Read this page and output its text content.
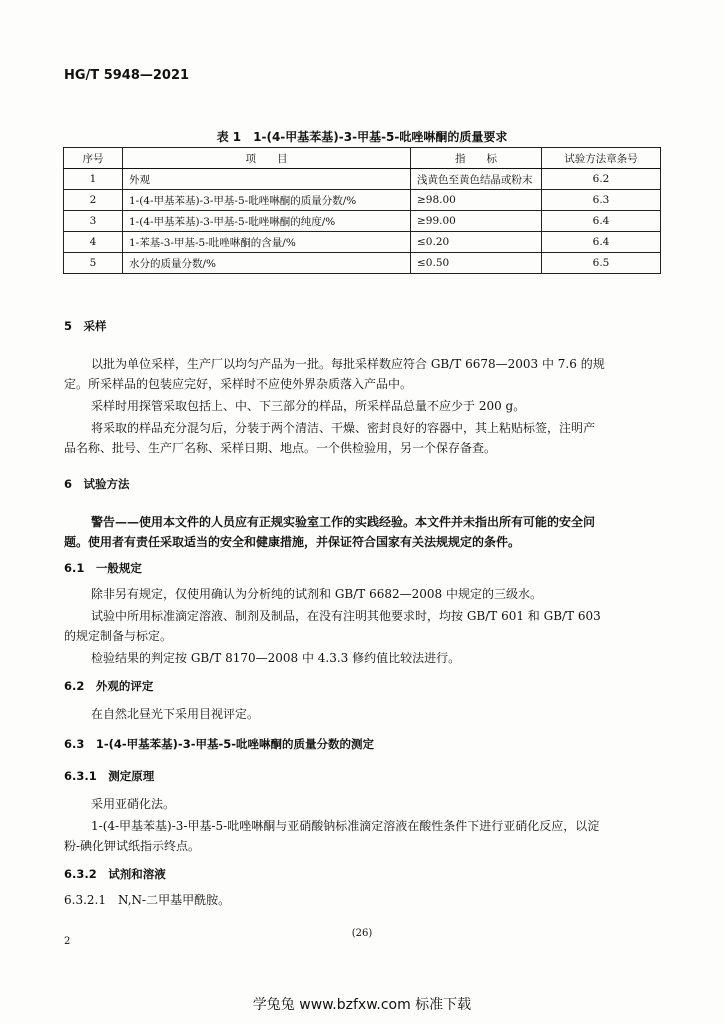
HG/T 5948—2021
表 1　1-(4-甲基苯基)-3-甲基-5-吡唑啉酮的质量要求
序号	项　　目	指　　标	试验方法章条号
1	外观	浅黄色至黄色结晶或粉末	6.2
2	1-(4-甲基苯基)-3-甲基-5-吡唑啉酮的质量分数/%	≥98.00	6.3
3	1-(4-甲基苯基)-3-甲基-5-吡唑啉酮的纯度/%	≥99.00	6.4
4	1-苯基-3-甲基-5-吡唑啉酮的含量/%	≤0.20	6.4
5	水分的质量分数/%	≤0.50	6.5
5　采样
以批为单位采样，生产厂以均匀产品为一批。每批采样数应符合 GB/T 6678—2003 中 7.6 的规
定。所采样品的包装应完好，采样时不应使外界杂质落入产品中。
采样时用探管采取包括上、中、下三部分的样品，所采样品总量不应少于 200 g。
将采取的样品充分混匀后，分装于两个清洁、干燥、密封良好的容器中，其上粘贴标签，注明产
品名称、批号、生产厂名称、采样日期、地点。一个供检验用，另一个保存备查。
6　试验方法
警告——使用本文件的人员应有正规实验室工作的实践经验。本文件并未指出所有可能的安全问
题。使用者有责任采取适当的安全和健康措施，并保证符合国家有关法规规定的条件。
6.1　一般规定
除非另有规定，仅使用确认为分析纯的试剂和 GB/T 6682—2008 中规定的三级水。
试验中所用标准滴定溶液、制剂及制品，在没有注明其他要求时，均按 GB/T 601 和 GB/T 603
的规定制备与标定。
检验结果的判定按 GB/T 8170—2008 中 4.3.3 修约值比较法进行。
6.2　外观的评定
在自然北昼光下采用目视评定。
6.3　1-(4-甲基苯基)-3-甲基-5-吡唑啉酮的质量分数的测定
6.3.1　测定原理
采用亚硝化法。
1-(4-甲基苯基)-3-甲基-5-吡唑啉酮与亚硝酸钠标准滴定溶液在酸性条件下进行亚硝化反应，以淀
粉-碘化钾试纸指示终点。
6.3.2　试剂和溶液
6.3.2.1　N,N-二甲基甲酰胺。
2
(26)
学兔兔 www.bzfxw.com 标准下载
